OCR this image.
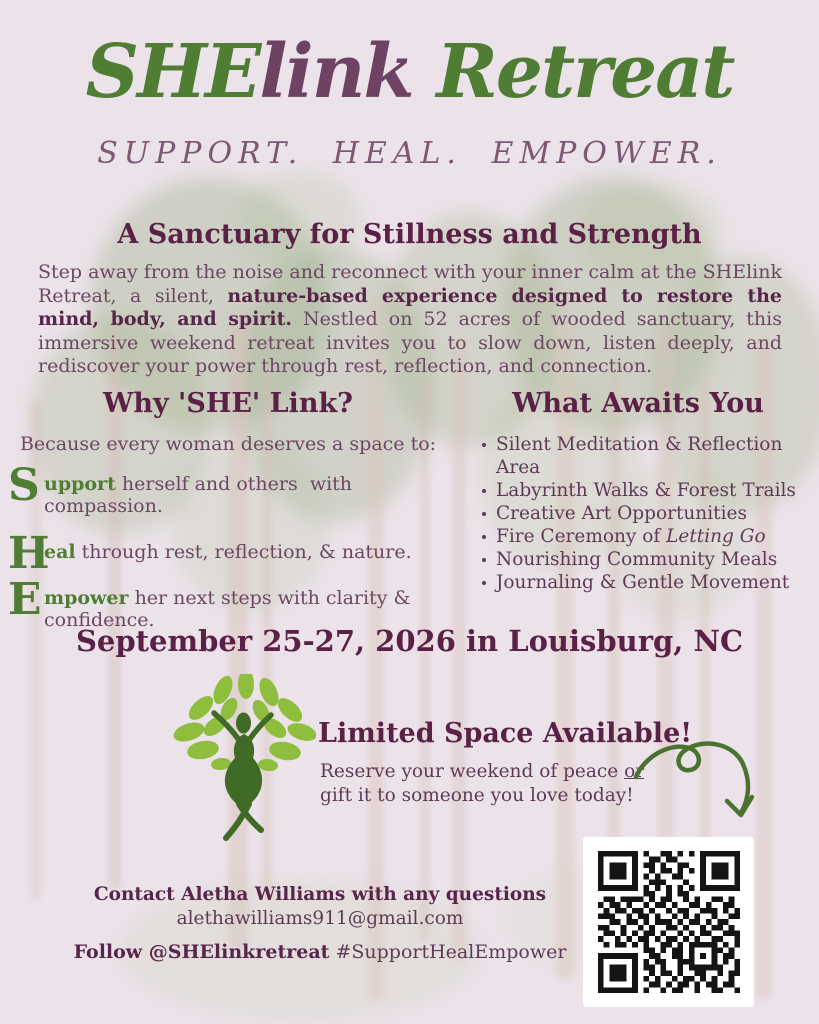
SHElink Retreat
SUPPORT. HEAL. EMPOWER.
A Sanctuary for Stillness and Strength
Step away from the noise and reconnect with your inner calm at the SHElink Retreat, a silent, nature-based experience designed to restore the mind, body, and spirit. Nestled on 52 acres of wooded sanctuary, this immersive weekend retreat invites you to slow down, listen deeply, and rediscover your power through rest, reflection, and connection.
Why 'SHE' Link?
Because every woman deserves a space to:
S upport herself and others  with compassion.
H
eal through rest, reflection, & nature.
E mpower her next steps with clarity & confidence.
What Awaits You
Silent Meditation & Reflection Area
Labyrinth Walks & Forest Trails
Creative Art Opportunities
Fire Ceremony of Letting Go
Nourishing Community Meals
Journaling & Gentle Movement
September 25-27, 2026 in Louisburg, NC
Limited Space Available!
Reserve your weekend of peace or
gift it to someone you love today!

Contact Aletha Williams with any questions

alethawilliams911@gmail.com

Follow @SHElinkretreat #SupportHealEmpower
